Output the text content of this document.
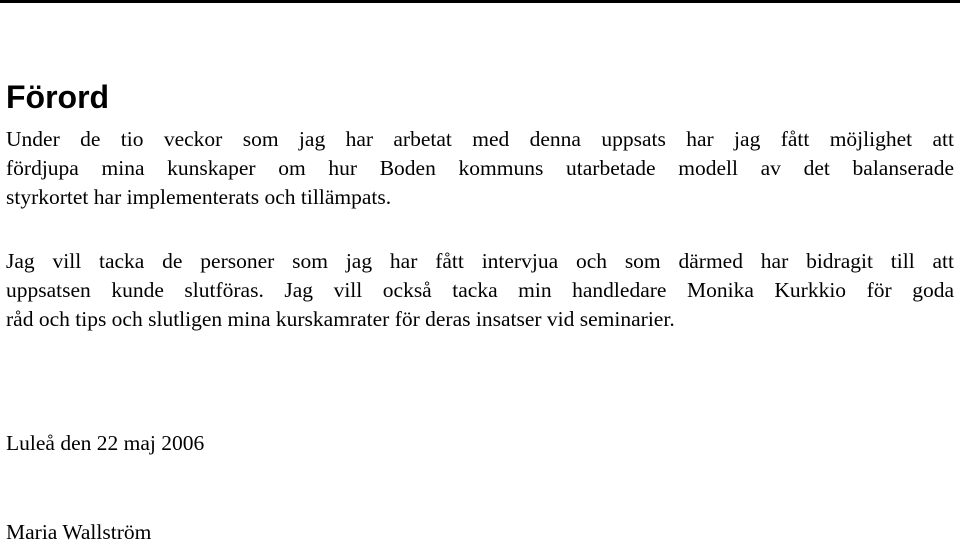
Förord

Under de tio veckor som jag har arbetat med denna uppsats har jag fått möjlighet att
fördjupa mina kunskaper om hur Boden kommuns utarbetade modell av det balanserade
styrkortet har implementerats och tillämpats.

Jag vill tacka de personer som jag har fått intervjua och som därmed har bidragit till att
uppsatsen kunde slutföras. Jag vill också tacka min handledare Monika Kurkkio för goda
råd och tips och slutligen mina kurskamrater för deras insatser vid seminarier.

Luleå den 22 maj 2006

Maria Wallström
